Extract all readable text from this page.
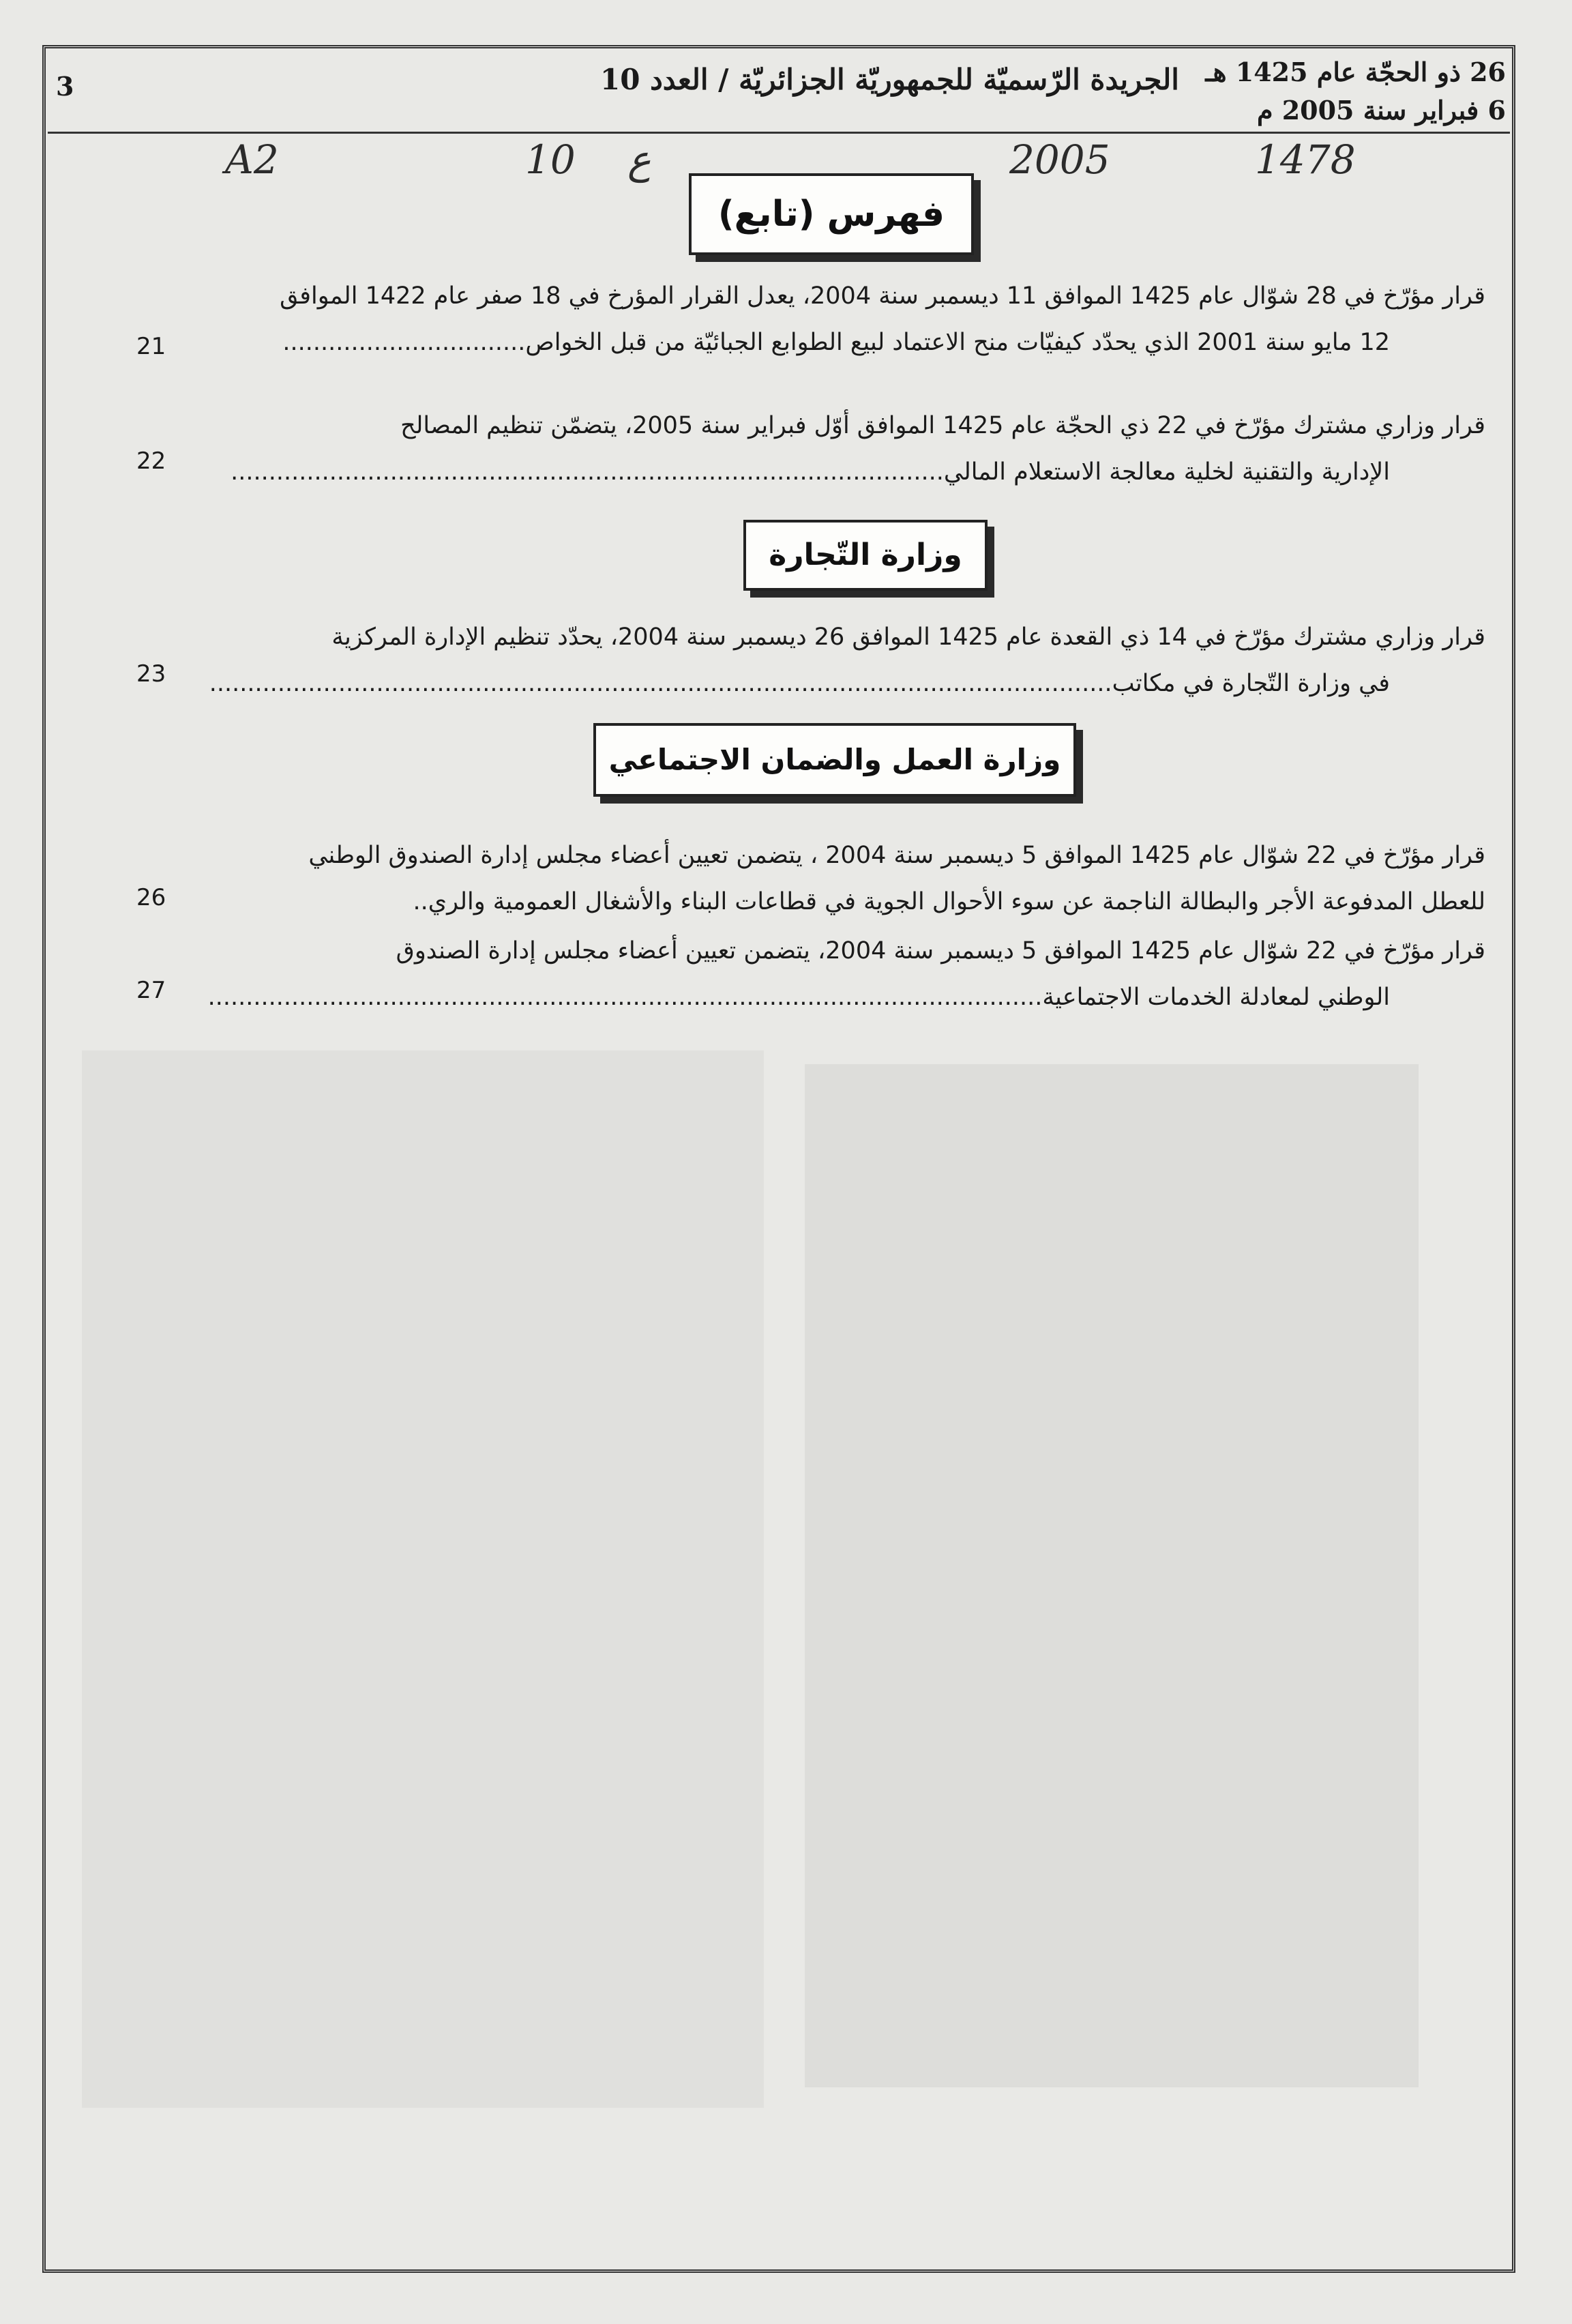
26 ذو الحجّة عام 1425 هـ
6 فبراير سنة 2005 م
الجريدة الرّسميّة للجمهوريّة الجزائريّة / العدد 10
3
1478
2005
ع
10
A2
فهرس (تابع)
قرار مؤرّخ في 28 شوّال عام 1425 الموافق 11 ديسمبر سنة 2004، يعدل القرار المؤرخ في 18 صفر عام 1422 الموافق
12 مايو سنة 2001 الذي يحدّد كيفيّات منح الاعتماد لبيع الطوابع الجبائيّة من قبل الخواص................................
21
قرار وزاري مشترك مؤرّخ في 22 ذي الحجّة عام 1425 الموافق أوّل فبراير سنة 2005، يتضمّن تنظيم المصالح
الإدارية والتقنية لخلية معالجة الاستعلام المالي..............................................................................................
22
وزارة التّجارة
قرار وزاري مشترك مؤرّخ في 14 ذي القعدة عام 1425 الموافق 26 ديسمبر سنة 2004، يحدّد تنظيم الإدارة المركزية
في وزارة التّجارة في مكاتب.......................................................................................................................
23
وزارة العمل والضمان الاجتماعي
قرار مؤرّخ في 22 شوّال عام 1425 الموافق 5 ديسمبر سنة 2004 ، يتضمن تعيين أعضاء مجلس إدارة الصندوق الوطني
للعطل المدفوعة الأجر والبطالة الناجمة عن سوء الأحوال الجوية في قطاعات البناء والأشغال العمومية والري..
26
قرار مؤرّخ في 22 شوّال عام 1425 الموافق 5 ديسمبر سنة 2004، يتضمن تعيين أعضاء مجلس إدارة الصندوق
الوطني لمعادلة الخدمات الاجتماعية..............................................................................................................
27
